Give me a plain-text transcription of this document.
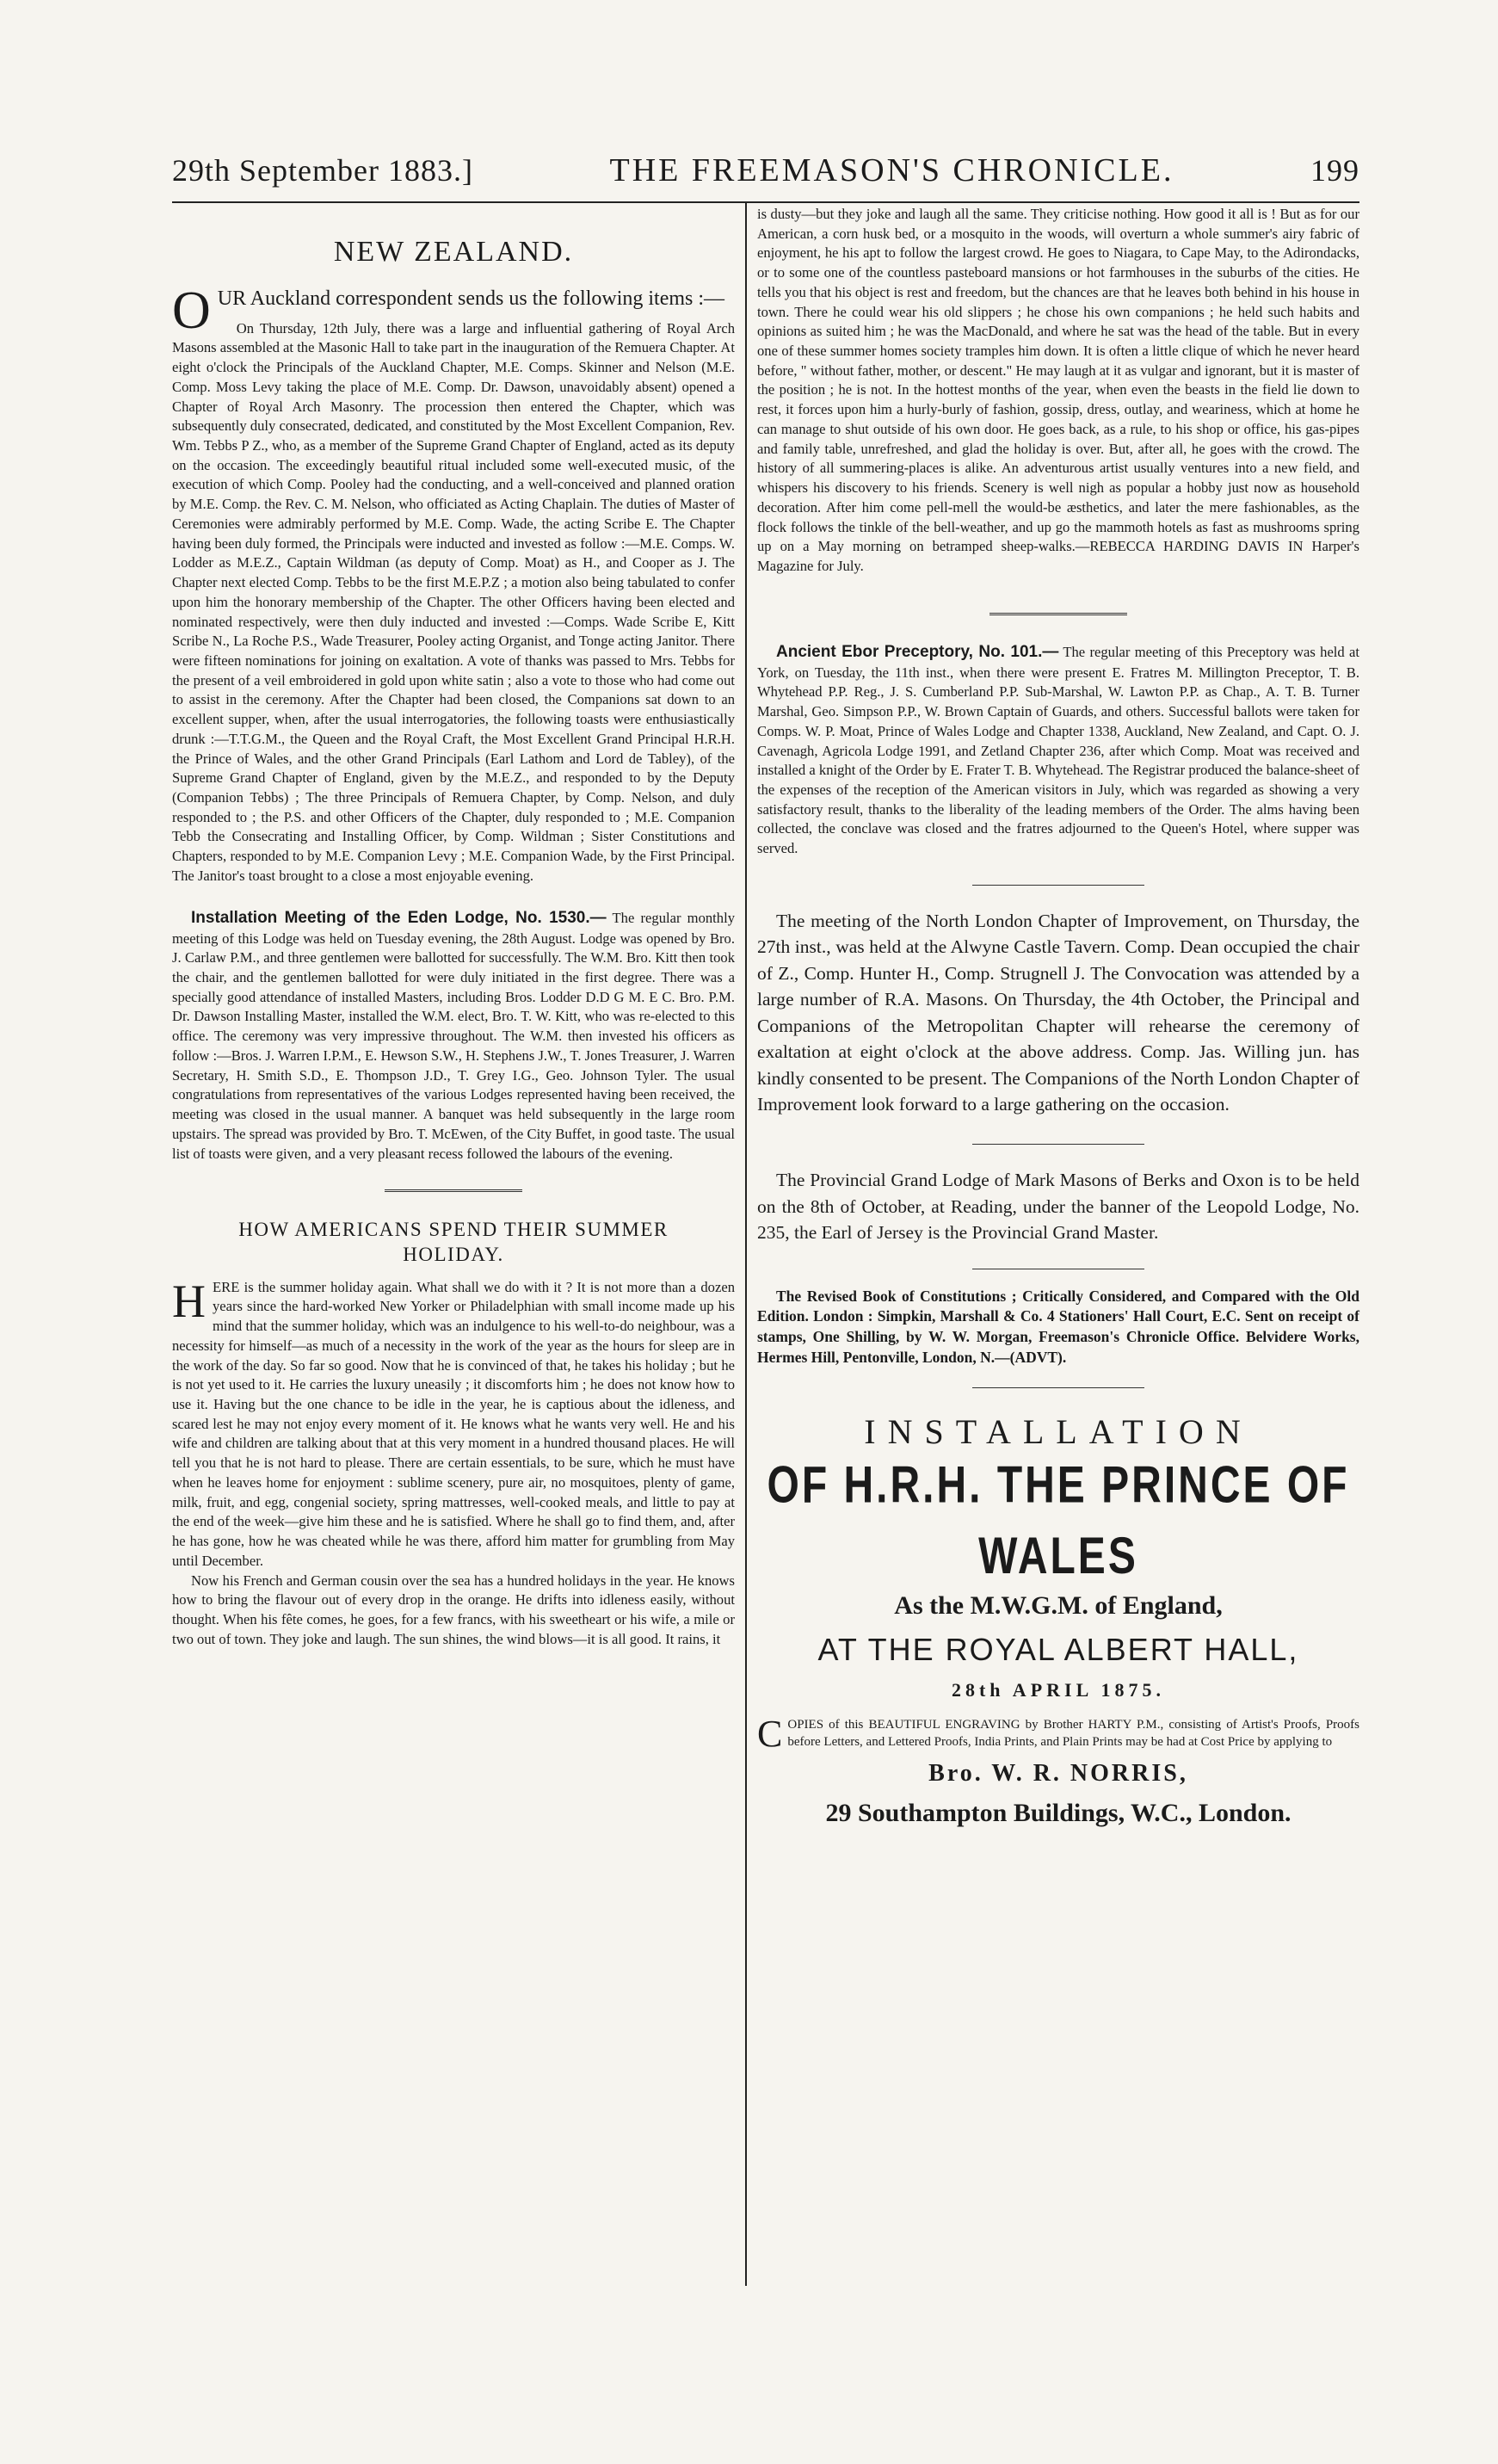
29th September 1883.]	THE FREEMASON'S CHRONICLE.	199
NEW ZEALAND.

OUR Auckland correspondent sends us the following items :—

On Thursday, 12th July, there was a large and influential gathering of Royal Arch Masons assembled at the Masonic Hall to take part in the inauguration of the Remuera Chapter. At eight o'clock the Principals of the Auckland Chapter, M.E. Comps. Skinner and Nelson (M.E. Comp. Moss Levy taking the place of M.E. Comp. Dr. Dawson, unavoidably absent) opened a Chapter of Royal Arch Masonry. The procession then entered the Chapter, which was subsequently duly consecrated, dedicated, and constituted by the Most Excellent Companion, Rev. Wm. Tebbs P Z., who, as a member of the Supreme Grand Chapter of England, acted as its deputy on the occasion. The exceedingly beautiful ritual included some well-executed music, of the execution of which Comp. Pooley had the conducting, and a well-conceived and planned oration by M.E. Comp. the Rev. C. M. Nelson, who officiated as Acting Chaplain. The duties of Master of Ceremonies were admirably performed by M.E. Comp. Wade, the acting Scribe E. The Chapter having been duly formed, the Principals were inducted and invested as follow :—M.E. Comps. W. Lodder as M.E.Z., Captain Wildman (as deputy of Comp. Moat) as H., and Cooper as J. The Chapter next elected Comp. Tebbs to be the first M.E.P.Z ; a motion also being tabulated to confer upon him the honorary membership of the Chapter. The other Officers having been elected and nominated respectively, were then duly inducted and invested :—Comps. Wade Scribe E, Kitt Scribe N., La Roche P.S., Wade Treasurer, Pooley acting Organist, and Tonge acting Janitor. There were fifteen nominations for joining on exaltation. A vote of thanks was passed to Mrs. Tebbs for the present of a veil embroidered in gold upon white satin ; also a vote to those who had come out to assist in the ceremony. After the Chapter had been closed, the Companions sat down to an excellent supper, when, after the usual interrogatories, the following toasts were enthusiastically drunk :—T.T.G.M., the Queen and the Royal Craft, the Most Excellent Grand Principal H.R.H. the Prince of Wales, and the other Grand Principals (Earl Lathom and Lord de Tabley), of the Supreme Grand Chapter of England, given by the M.E.Z., and responded to by the Deputy (Companion Tebbs) ; The three Principals of Remuera Chapter, by Comp. Nelson, and duly responded to ; the P.S. and other Officers of the Chapter, duly responded to ; M.E. Companion Tebb the Consecrating and Installing Officer, by Comp. Wildman ; Sister Constitutions and Chapters, responded to by M.E. Companion Levy ; M.E. Companion Wade, by the First Principal. The Janitor's toast brought to a close a most enjoyable evening.

Installation Meeting of the Eden Lodge, No. 1530.— The regular monthly meeting of this Lodge was held on Tuesday evening, the 28th August. Lodge was opened by Bro. J. Carlaw P.M., and three gentlemen were ballotted for successfully. The W.M. Bro. Kitt then took the chair, and the gentlemen ballotted for were duly initiated in the first degree. There was a specially good attendance of installed Masters, including Bros. Lodder D.D G M. E C. Bro. P.M. Dr. Dawson Installing Master, installed the W.M. elect, Bro. T. W. Kitt, who was re-elected to this office. The ceremony was very impressive throughout. The W.M. then invested his officers as follow :—Bros. J. Warren I.P.M., E. Hewson S.W., H. Stephens J.W., T. Jones Treasurer, J. Warren Secretary, H. Smith S.D., E. Thompson J.D., T. Grey I.G., Geo. Johnson Tyler. The usual congratulations from representatives of the various Lodges represented having been received, the meeting was closed in the usual manner. A banquet was held subsequently in the large room upstairs. The spread was provided by Bro. T. McEwen, of the City Buffet, in good taste. The usual list of toasts were given, and a very pleasant recess followed the labours of the evening.

HOW AMERICANS SPEND THEIR SUMMER
HOLIDAY.

HERE is the summer holiday again. What shall we do with it ? It is not more than a dozen years since the hard-worked New Yorker or Philadelphian with small income made up his mind that the summer holiday, which was an indulgence to his well-to-do neighbour, was a necessity for himself—as much of a necessity in the work of the year as the hours for sleep are in the work of the day. So far so good. Now that he is convinced of that, he takes his holiday ; but he is not yet used to it. He carries the luxury uneasily ; it discomforts him ; he does not know how to use it. Having but the one chance to be idle in the year, he is captious about the idleness, and scared lest he may not enjoy every moment of it. He knows what he wants very well. He and his wife and children are talking about that at this very moment in a hundred thousand places. He will tell you that he is not hard to please. There are certain essentials, to be sure, which he must have when he leaves home for enjoyment : sublime scenery, pure air, no mosquitoes, plenty of game, milk, fruit, and egg, congenial society, spring mattresses, well-cooked meals, and little to pay at the end of the week—give him these and he is satisfied. Where he shall go to find them, and, after he has gone, how he was cheated while he was there, afford him matter for grumbling from May until December.

Now his French and German cousin over the sea has a hundred holidays in the year. He knows how to bring the flavour out of every drop in the orange. He drifts into idleness easily, without thought. When his fête comes, he goes, for a few francs, with his sweetheart or his wife, a mile or two out of town. They joke and laugh. The sun shines, the wind blows—it is all good. It rains, it

is dusty—but they joke and laugh all the same. They criticise nothing. How good it all is ! But as for our American, a corn husk bed, or a mosquito in the woods, will overturn a whole summer's airy fabric of enjoyment, he his apt to follow the largest crowd. He goes to Niagara, to Cape May, to the Adirondacks, or to some one of the countless pasteboard mansions or hot farmhouses in the suburbs of the cities. He tells you that his object is rest and freedom, but the chances are that he leaves both behind in his house in town. There he could wear his old slippers ; he chose his own companions ; he held such habits and opinions as suited him ; he was the MacDonald, and where he sat was the head of the table. But in every one of these summer homes society tramples him down. It is often a little clique of which he never heard before, " without father, mother, or descent." He may laugh at it as vulgar and ignorant, but it is master of the position ; he is not. In the hottest months of the year, when even the beasts in the field lie down to rest, it forces upon him a hurly-burly of fashion, gossip, dress, outlay, and weariness, which at home he can manage to shut outside of his own door. He goes back, as a rule, to his shop or office, his gas-pipes and family table, unrefreshed, and glad the holiday is over. But, after all, he goes with the crowd. The history of all summering-places is alike. An adventurous artist usually ventures into a new field, and whispers his discovery to his friends. Scenery is well nigh as popular a hobby just now as household decoration. After him come pell-mell the would-be æsthetics, and later the mere fashionables, as the flock follows the tinkle of the bell-weather, and up go the mammoth hotels as fast as mushrooms spring up on a May morning on betramped sheep-walks.—REBECCA HARDING DAVIS IN Harper's Magazine for July.

Ancient Ebor Preceptory, No. 101.— The regular meeting of this Preceptory was held at York, on Tuesday, the 11th inst., when there were present E. Fratres M. Millington Preceptor, T. B. Whytehead P.P. Reg., J. S. Cumberland P.P. Sub-Marshal, W. Lawton P.P. as Chap., A. T. B. Turner Marshal, Geo. Simpson P.P., W. Brown Captain of Guards, and others. Successful ballots were taken for Comps. W. P. Moat, Prince of Wales Lodge and Chapter 1338, Auckland, New Zealand, and Capt. O. J. Cavenagh, Agricola Lodge 1991, and Zetland Chapter 236, after which Comp. Moat was received and installed a knight of the Order by E. Frater T. B. Whytehead. The Registrar produced the balance-sheet of the expenses of the reception of the American visitors in July, which was regarded as showing a very satisfactory result, thanks to the liberality of the leading members of the Order. The alms having been collected, the conclave was closed and the fratres adjourned to the Queen's Hotel, where supper was served.

The meeting of the North London Chapter of Improvement, on Thursday, the 27th inst., was held at the Alwyne Castle Tavern. Comp. Dean occupied the chair of Z., Comp. Hunter H., Comp. Strugnell J. The Convocation was attended by a large number of R.A. Masons. On Thursday, the 4th October, the Principal and Companions of the Metropolitan Chapter will rehearse the ceremony of exaltation at eight o'clock at the above address. Comp. Jas. Willing jun. has kindly consented to be present. The Companions of the North London Chapter of Improvement look forward to a large gathering on the occasion.

The Provincial Grand Lodge of Mark Masons of Berks and Oxon is to be held on the 8th of October, at Reading, under the banner of the Leopold Lodge, No. 235, the Earl of Jersey is the Provincial Grand Master.

The Revised Book of Constitutions ; Critically Considered, and Compared with the Old Edition. London : Simpkin, Marshall & Co. 4 Stationers' Hall Court, E.C. Sent on receipt of stamps, One Shilling, by W. W. Morgan, Freemason's Chronicle Office. Belvidere Works, Hermes Hill, Pentonville, London, N.—(ADVT).

INSTALLATION
OF H.R.H. THE PRINCE OF WALES
As the M.W.G.M. of England,
AT THE ROYAL ALBERT HALL,
28th APRIL 1875.
COPIES of this BEAUTIFUL ENGRAVING by Brother HARTY P.M., consisting of Artist's Proofs, Proofs before Letters, and Lettered Proofs, India Prints, and Plain Prints may be had at Cost Price by applying to
Bro. W. R. NORRIS,
29 Southampton Buildings, W.C., London.
